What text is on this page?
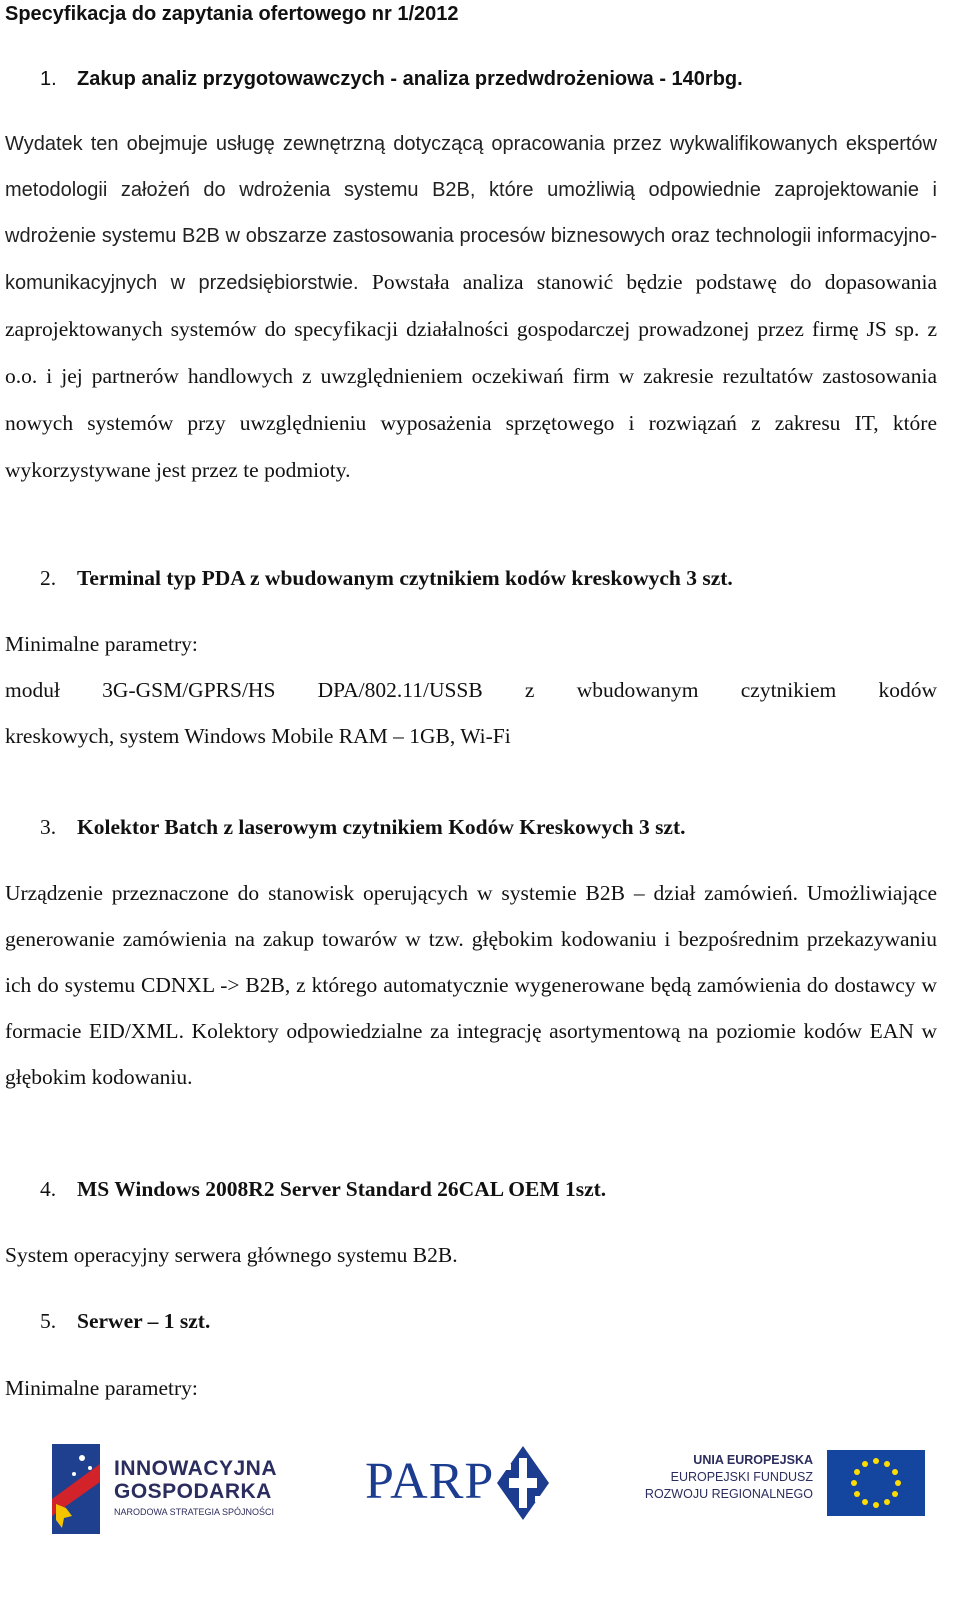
Specyfikacja do zapytania ofertowego nr 1/2012
1. Zakup analiz przygotowawczych - analiza przedwdrożeniowa - 140rbg.

Wydatek ten obejmuje usługę zewnętrzną dotyczącą opracowania przez wykwalifikowanych ekspertów metodologii założeń do wdrożenia systemu B2B, które umożliwią odpowiednie zaprojektowanie i wdrożenie systemu B2B w obszarze zastosowania procesów biznesowych oraz technologii informacyjno-komunikacyjnych w przedsiębiorstwie. Powstała analiza stanowić będzie podstawę do dopasowania zaprojektowanych systemów do specyfikacji działalności gospodarczej prowadzonej przez firmę JS sp. z o.o. i jej partnerów handlowych z uwzględnieniem oczekiwań firm w zakresie rezultatów zastosowania nowych systemów przy uwzględnieniu wyposażenia sprzętowego i rozwiązań z zakresu IT, które wykorzystywane jest przez te podmioty.

2. Terminal typ PDA z wbudowanym czytnikiem kodów kreskowych 3 szt.

Minimalne parametry:

moduł 3G-GSM/GPRS/HS DPA/802.11/USSB z wbudowanym czytnikiem kodów

kreskowych, system Windows Mobile RAM – 1GB, Wi-Fi

3. Kolektor Batch z laserowym czytnikiem Kodów Kreskowych 3 szt.

Urządzenie przeznaczone do stanowisk operujących w systemie B2B – dział zamówień. Umożliwiające generowanie zamówienia na zakup towarów w tzw. głębokim kodowaniu i bezpośrednim przekazywaniu ich do systemu CDNXL -> B2B, z którego automatycznie wygenerowane będą zamówienia do dostawcy w formacie EID/XML. Kolektory odpowiedzialne za integrację asortymentową na poziomie kodów EAN w głębokim kodowaniu.

4. MS Windows 2008R2 Server Standard 26CAL OEM 1szt.

System operacyjny serwera głównego systemu B2B.

5. Serwer – 1 szt.

Minimalne parametry:

INNOWACYJNA
GOSPODARKA
NARODOWA STRATEGIA SPÓJNOŚCI
PARP	UNIA EUROPEJSKA
EUROPEJSKI FUNDUSZ
ROZWOJU REGIONALNEGO
